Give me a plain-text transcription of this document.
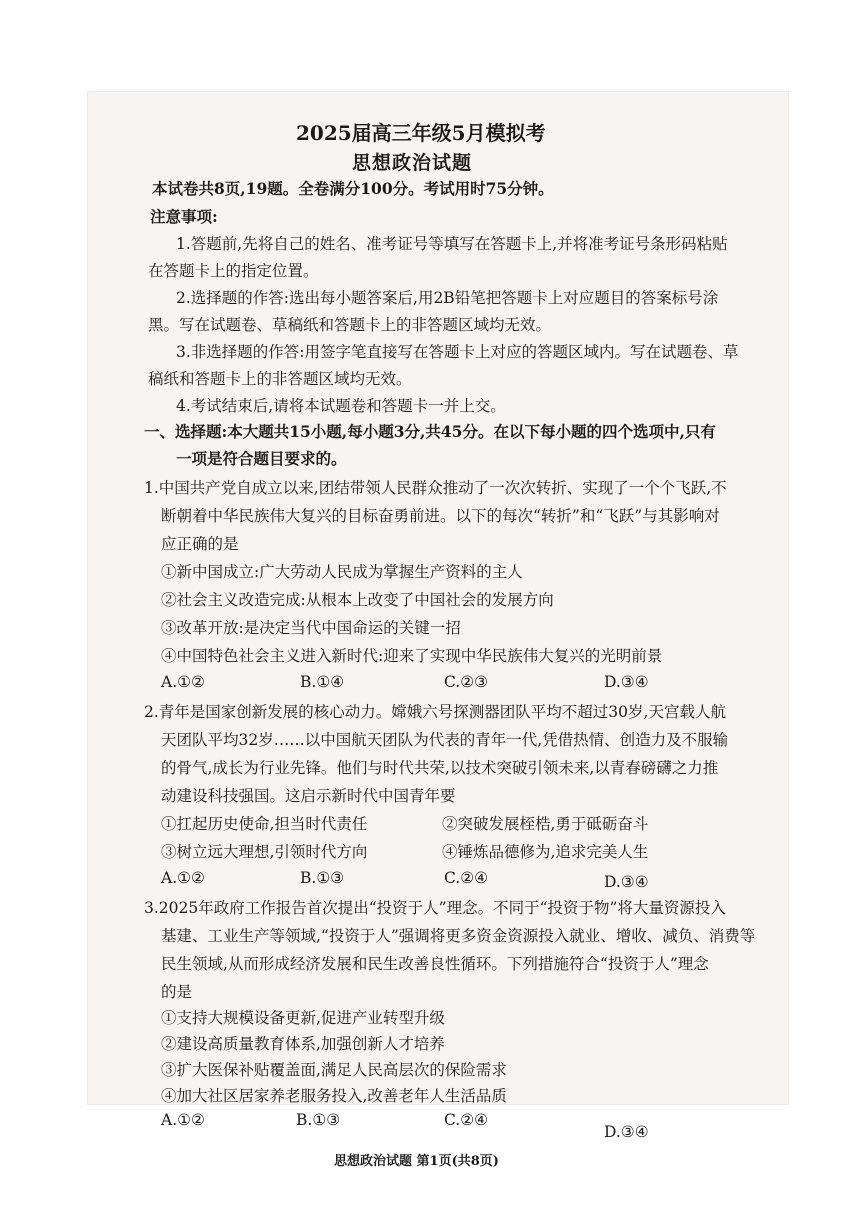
2025届高三年级5月模拟考
思想政治试题
本试卷共8页,19题。全卷满分100分。考试用时75分钟。
注意事项:
1.答题前,先将自己的姓名、准考证号等填写在答题卡上,并将准考证号条形码粘贴
在答题卡上的指定位置。
2.选择题的作答:选出每小题答案后,用2B铅笔把答题卡上对应题目的答案标号涂
黑。写在试题卷、草稿纸和答题卡上的非答题区域均无效。
3.非选择题的作答:用签字笔直接写在答题卡上对应的答题区域内。写在试题卷、草
稿纸和答题卡上的非答题区域均无效。
4.考试结束后,请将本试题卷和答题卡一并上交。
一、选择题:本大题共15小题,每小题3分,共45分。在以下每小题的四个选项中,只有
一项是符合题目要求的。
1.中国共产党自成立以来,团结带领人民群众推动了一次次转折、实现了一个个飞跃,不
断朝着中华民族伟大复兴的目标奋勇前进。以下的每次“转折”和“飞跃”与其影响对
应正确的是
①新中国成立:广大劳动人民成为掌握生产资料的主人
②社会主义改造完成:从根本上改变了中国社会的发展方向
③改革开放:是决定当代中国命运的关键一招
④中国特色社会主义进入新时代:迎来了实现中华民族伟大复兴的光明前景
A.①②	B.①④	C.②③	D.③④
2.青年是国家创新发展的核心动力。嫦娥六号探测器团队平均不超过30岁,天宫载人航
天团队平均32岁……以中国航天团队为代表的青年一代,凭借热情、创造力及不服输
的骨气,成长为行业先锋。他们与时代共荣,以技术突破引领未来,以青春磅礴之力推
动建设科技强国。这启示新时代中国青年要
①扛起历史使命,担当时代责任	②突破发展桎梏,勇于砥砺奋斗
③树立远大理想,引领时代方向	④锤炼品德修为,追求完美人生
A.①②	B.①③	C.②④	D.③④
3.2025年政府工作报告首次提出“投资于人”理念。不同于“投资于物”将大量资源投入
基建、工业生产等领域,“投资于人”强调将更多资金资源投入就业、增收、减负、消费等
民生领域,从而形成经济发展和民生改善良性循环。下列措施符合“投资于人”理念
的是
①支持大规模设备更新,促进产业转型升级
②建设高质量教育体系,加强创新人才培养
③扩大医保补贴覆盖面,满足人民高层次的保险需求
④加大社区居家养老服务投入,改善老年人生活品质
A.①②	B.①③	C.②④
D.③④
思想政治试题 第1页(共8页)
